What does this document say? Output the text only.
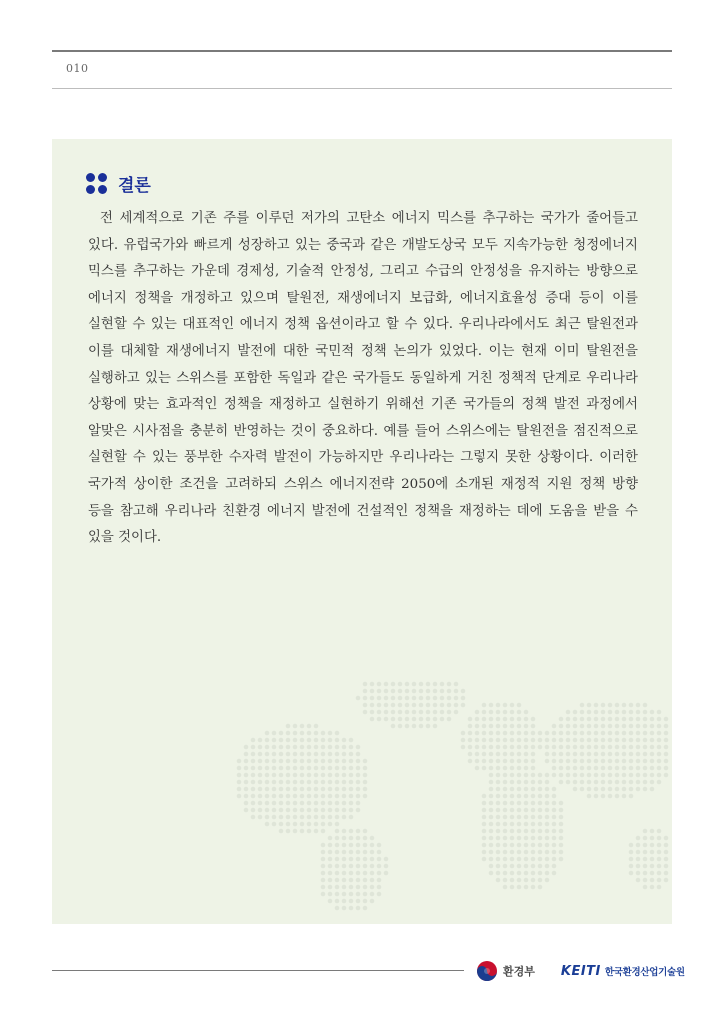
010
결론

전 세계적으로 기존 주를 이루던 저가의 고탄소 에너지 믹스를 추구하는 국가가 줄어들고 있다. 유럽국가와 빠르게 성장하고 있는 중국과 같은 개발도상국 모두 지속가능한 청정에너지 믹스를 추구하는 가운데 경제성, 기술적 안정성, 그리고 수급의 안정성을 유지하는 방향으로 에너지 정책을 개정하고 있으며 탈원전, 재생에너지 보급화, 에너지효율성 증대 등이 이를 실현할 수 있는 대표적인 에너지 정책 옵션이라고 할 수 있다. 우리나라에서도 최근 탈원전과 이를 대체할 재생에너지 발전에 대한 국민적 정책 논의가 있었다. 이는 현재 이미 탈원전을 실행하고 있는 스위스를 포함한 독일과 같은 국가들도 동일하게 거친 정책적 단계로 우리나라 상황에 맞는 효과적인 정책을 재정하고 실현하기 위해선 기존 국가들의 정책 발전 과정에서 알맞은 시사점을 충분히 반영하는 것이 중요하다. 예를 들어 스위스에는 탈원전을 점진적으로 실현할 수 있는 풍부한 수자력 발전이 가능하지만 우리나라는 그렇지 못한 상황이다. 이러한 국가적 상이한 조건을 고려하되 스위스 에너지전략 2050에 소개된 재정적 지원 정책 방향 등을 참고해 우리나라 친환경 에너지 발전에 건설적인 정책을 재정하는 데에 도움을 받을 수 있을 것이다.

환경부 KEITI 한국환경산업기술원
